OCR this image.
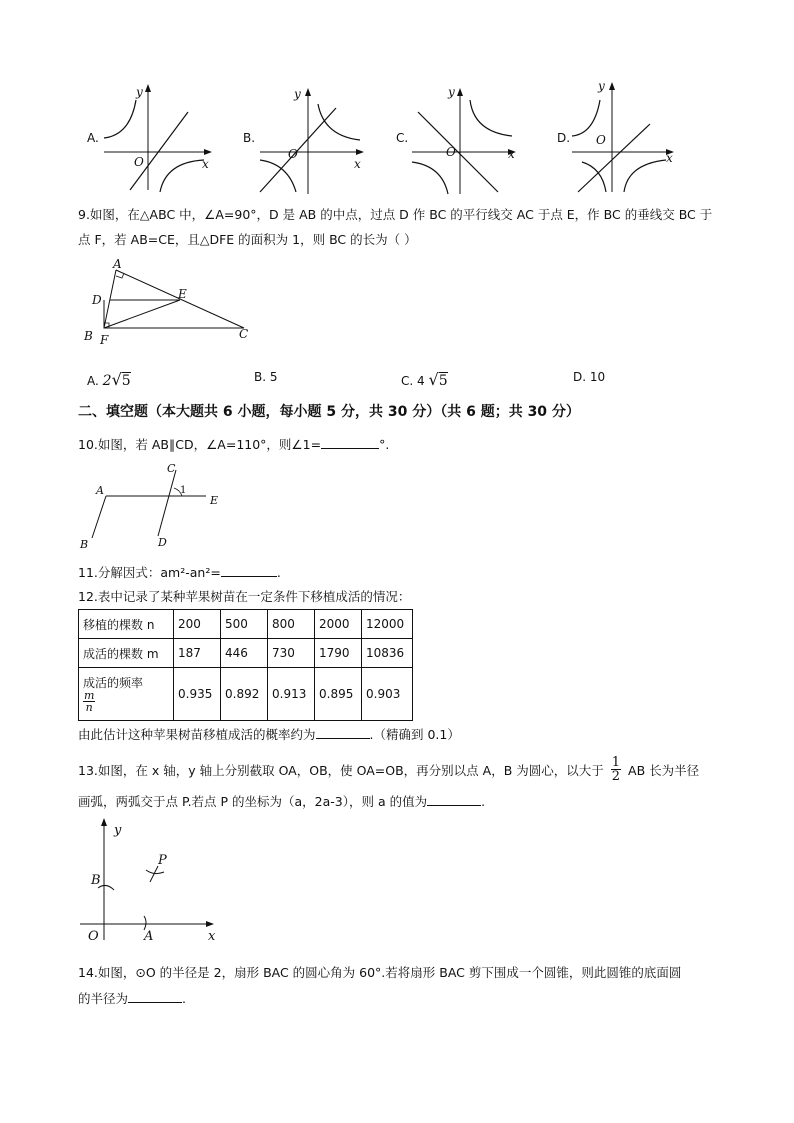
A.
y
x
O
B.
y
x
O
C.
y
x
O
D.
y
x
O
9.如图，在△ABC 中，∠A=90°，D 是 AB 的中点，过点 D 作 BC 的平行线交 AC 于点 E，作 BC 的垂线交 BC 于
点 F，若 AB=CE，且△DFE 的面积为 1，则 BC 的长为（ ）
A
D	E
B F	C
A. 2√5	B. 5	C. 4 √5	D. 10
二、填空题（本大题共 6 小题，每小题 5 分，共 30 分）（共 6 题；共 30 分）
10.如图，若 AB∥CD，∠A=110°，则∠1=	°.
A
B
C
D
E
1
11.分解因式：am²-an²=	.
12.表中记录了某种苹果树苗在一定条件下移植成活的情况：
移植的棵数 n	200	500	800	2000	12000
成活的棵数 m	187	446	730	1790	10836
成活的频率

$\frac{m}{n}$	0.935	0.892	0.913	0.895	0.903
由此估计这种苹果树苗移植成活的概率约为	.（精确到 0.1）
13.如图，在 x 轴，y 轴上分别截取 OA，OB，使 OA=OB，再分别以点 A，B 为圆心，以大于 $\frac{1}{2}$ AB 长为半径
画弧，两弧交于点 P.若点 P 的坐标为（a，2a-3），则 a 的值为	.
y
x
O	A
B
P
14.如图，⊙O 的半径是 2，扇形 BAC 的圆心角为 60°.若将扇形 BAC 剪下围成一个圆锥，则此圆锥的底面圆
的半径为	.
